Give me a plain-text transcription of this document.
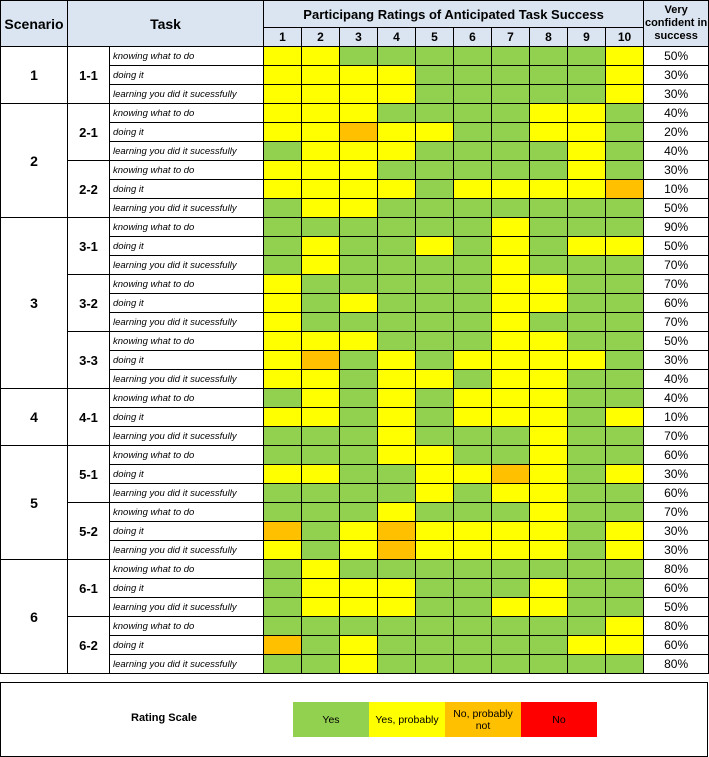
Scenario	Task		Participang Ratings of Anticipated Task Success										Very confident in success
			1	2	3	4	5	6	7	8	9	10	
1	1-1	knowing what to do											50%
		doing it											30%
		learning you did it sucessfully											30%
2	2-1	knowing what to do											40%
		doing it											20%
		learning you did it sucessfully											40%
	2-2	knowing what to do											30%
		doing it											10%
		learning you did it sucessfully											50%
3	3-1	knowing what to do											90%
		doing it											50%
		learning you did it sucessfully											70%
	3-2	knowing what to do											70%
		doing it											60%
		learning you did it sucessfully											70%
	3-3	knowing what to do											50%
		doing it											30%
		learning you did it sucessfully											40%
4	4-1	knowing what to do											40%
		doing it											10%
		learning you did it sucessfully											70%
5	5-1	knowing what to do											60%
		doing it											30%
		learning you did it sucessfully											60%
	5-2	knowing what to do											70%
		doing it											30%
		learning you did it sucessfully											30%
6	6-1	knowing what to do											80%
		doing it											60%
		learning you did it sucessfully											50%
	6-2	knowing what to do											80%
		doing it											60%
		learning you did it sucessfully											80%
Rating Scale	Yes	Yes, probably	No, probably not	No
